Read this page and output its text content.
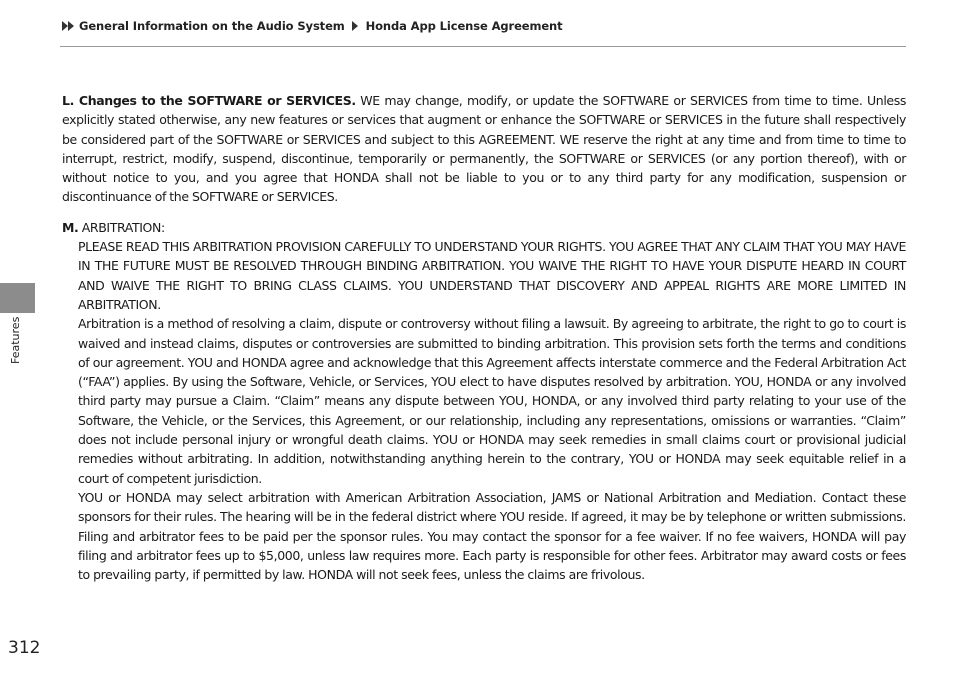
General Information on the Audio System Honda App License Agreement
Features

L. Changes to the SOFTWARE or SERVICES. WE may change, modify, or update the SOFTWARE or SERVICES from time to time. Unless explicitly stated otherwise, any new features or services that augment or enhance the SOFTWARE or SERVICES in the future shall respectively be considered part of the SOFTWARE or SERVICES and subject to this AGREEMENT. WE reserve the right at any time and from time to time to interrupt, restrict, modify, suspend, discontinue, temporarily or permanently, the SOFTWARE or SERVICES (or any portion thereof), with or without notice to you, and you agree that HONDA shall not be liable to you or to any third party for any modification, suspension or discontinuance of the SOFTWARE or SERVICES.

M. ARBITRATION:

PLEASE READ THIS ARBITRATION PROVISION CAREFULLY TO UNDERSTAND YOUR RIGHTS. YOU AGREE THAT ANY CLAIM THAT YOU MAY HAVE IN THE FUTURE MUST BE RESOLVED THROUGH BINDING ARBITRATION. YOU WAIVE THE RIGHT TO HAVE YOUR DISPUTE HEARD IN COURT AND WAIVE THE RIGHT TO BRING CLASS CLAIMS. YOU UNDERSTAND THAT DISCOVERY AND APPEAL RIGHTS ARE MORE LIMITED IN ARBITRATION.

Arbitration is a method of resolving a claim, dispute or controversy without filing a lawsuit. By agreeing to arbitrate, the right to go to court is waived and instead claims, disputes or controversies are submitted to binding arbitration. This provision sets forth the terms and conditions of our agreement. YOU and HONDA agree and acknowledge that this Agreement affects interstate commerce and the Federal Arbitration Act (“FAA”) applies. By using the Software, Vehicle, or Services, YOU elect to have disputes resolved by arbitration. YOU, HONDA or any involved third party may pursue a Claim. “Claim” means any dispute between YOU, HONDA, or any involved third party relating to your use of the Software, the Vehicle, or the Services, this Agreement, or our relationship, including any representations, omissions or warranties. “Claim” does not include personal injury or wrongful death claims. YOU or HONDA may seek remedies in small claims court or provisional judicial remedies without arbitrating. In addition, notwithstanding anything herein to the contrary, YOU or HONDA may seek equitable relief in a court of competent jurisdiction.

YOU or HONDA may select arbitration with American Arbitration Association, JAMS or National Arbitration and Mediation. Contact these sponsors for their rules. The hearing will be in the federal district where YOU reside. If agreed, it may be by telephone or written submissions. Filing and arbitrator fees to be paid per the sponsor rules. You may contact the sponsor for a fee waiver. If no fee waivers, HONDA will pay filing and arbitrator fees up to $5,000, unless law requires more. Each party is responsible for other fees. Arbitrator may award costs or fees to prevailing party, if permitted by law. HONDA will not seek fees, unless the claims are frivolous.

312
